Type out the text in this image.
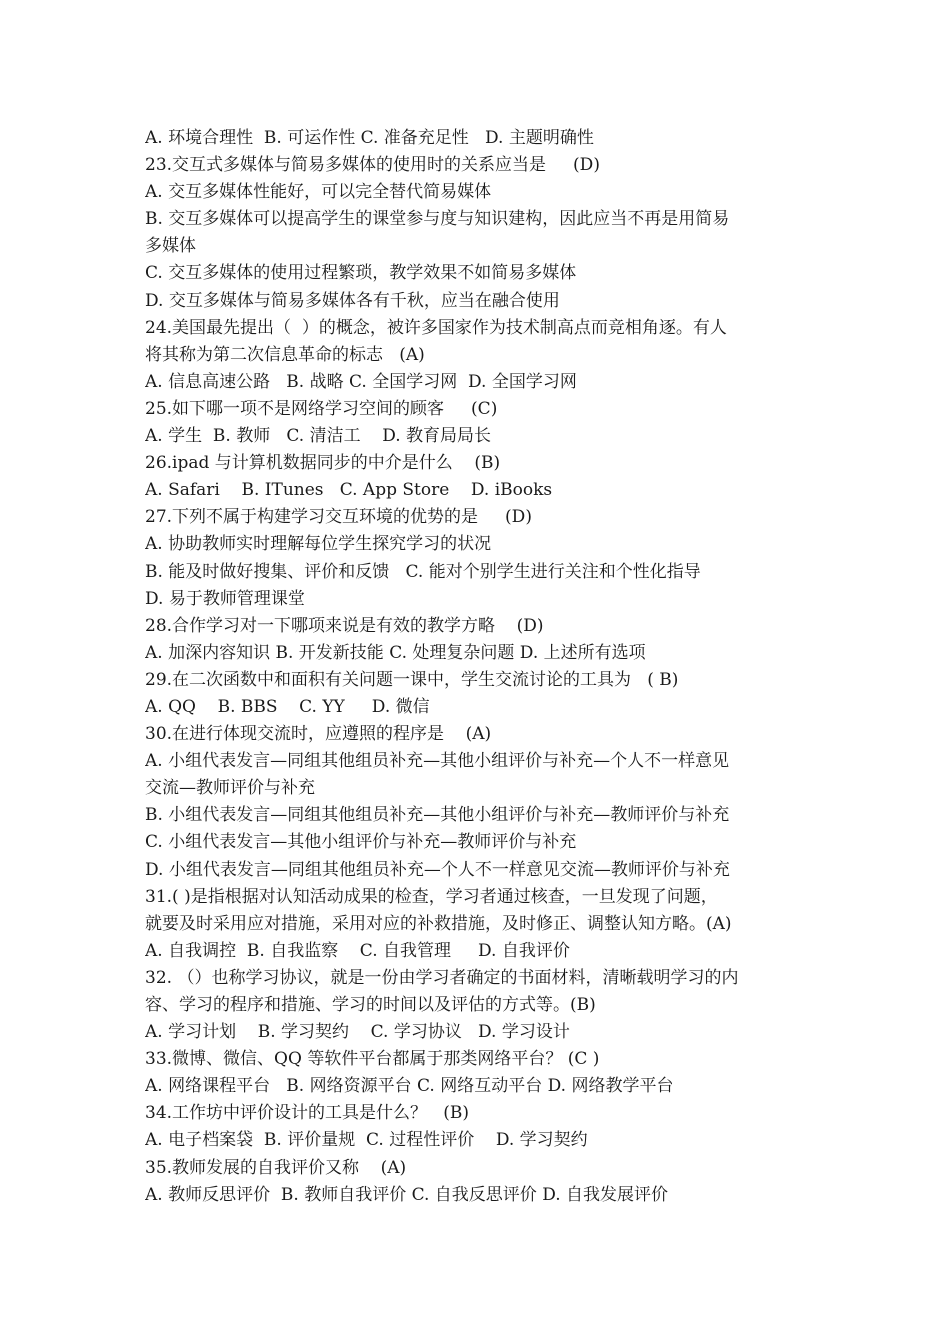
A. 环境合理性  B. 可运作性 C. 准备充足性   D. 主题明确性
23.交互式多媒体与简易多媒体的使用时的关系应当是     (D)
A. 交互多媒体性能好，可以完全替代简易媒体
B. 交互多媒体可以提高学生的课堂参与度与知识建构，因此应当不再是用简易
多媒体
C. 交互多媒体的使用过程繁琐，教学效果不如简易多媒体
D. 交互多媒体与简易多媒体各有千秋，应当在融合使用
24.美国最先提出（  ）的概念，被许多国家作为技术制高点而竞相角逐。有人
将其称为第二次信息革命的标志   (A)
A. 信息高速公路   B. 战略 C. 全国学习网  D. 全国学习网
25.如下哪一项不是网络学习空间的顾客     (C)
A. 学生  B. 教师   C. 清洁工    D. 教育局局长
26.ipad 与计算机数据同步的中介是什么    (B)
A. Safari    B. ITunes   C. App Store    D. iBooks
27.下列不属于构建学习交互环境的优势的是     (D)
A. 协助教师实时理解每位学生探究学习的状况
B. 能及时做好搜集、评价和反馈   C. 能对个别学生进行关注和个性化指导
D. 易于教师管理课堂
28.合作学习对一下哪项来说是有效的教学方略    (D)
A. 加深内容知识 B. 开发新技能 C. 处理复杂问题 D. 上述所有选项
29.在二次函数中和面积有关问题一课中，学生交流讨论的工具为   ( B)
A. QQ    B. BBS    C. YY     D. 微信
30.在进行体现交流时，应遵照的程序是    (A)
A. 小组代表发言—同组其他组员补充—其他小组评价与补充—个人不一样意见
交流—教师评价与补充
B. 小组代表发言—同组其他组员补充—其他小组评价与补充—教师评价与补充
C. 小组代表发言—其他小组评价与补充—教师评价与补充
D. 小组代表发言—同组其他组员补充—个人不一样意见交流—教师评价与补充
31.( )是指根据对认知活动成果的检查，学习者通过核查，一旦发现了问题，
就要及时采用应对措施，采用对应的补救措施，及时修正、调整认知方略。(A)
A. 自我调控  B. 自我监察    C. 自我管理     D. 自我评价
32. （）也称学习协议，就是一份由学习者确定的书面材料，清晰载明学习的内
容、学习的程序和措施、学习的时间以及评估的方式等。(B)
A. 学习计划    B. 学习契约    C. 学习协议   D. 学习设计
33.微博、微信、QQ 等软件平台都属于那类网络平台？ (C )
A. 网络课程平台   B. 网络资源平台 C. 网络互动平台 D. 网络教学平台
34.工作坊中评价设计的工具是什么？   (B)
A. 电子档案袋  B. 评价量规  C. 过程性评价    D. 学习契约
35.教师发展的自我评价又称    (A)
A. 教师反思评价  B. 教师自我评价 C. 自我反思评价 D. 自我发展评价
